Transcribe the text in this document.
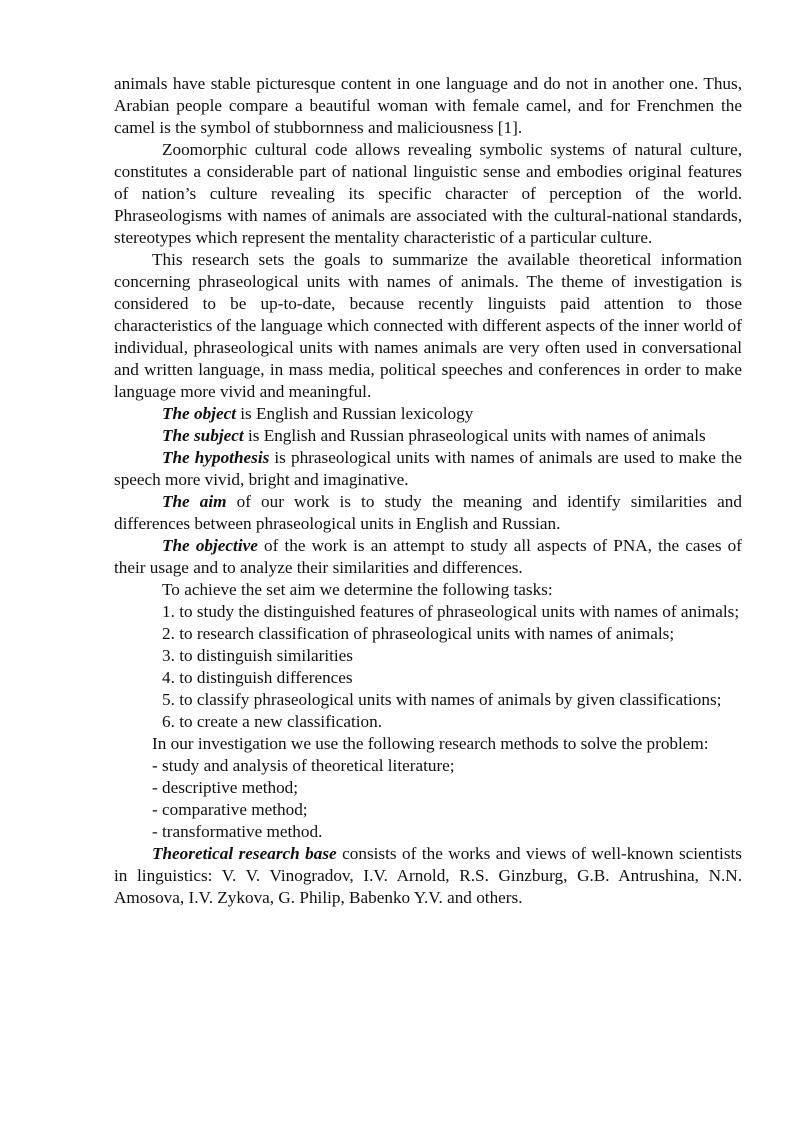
animals have stable picturesque content in one language and do not in another one. Thus, Arabian people compare a beautiful woman with female camel, and for Frenchmen the camel is the symbol of stubbornness and maliciousness [1].

Zoomorphic cultural code allows revealing symbolic systems of natural culture, constitutes a considerable part of national linguistic sense and embodies original features of nation’s culture revealing its specific character of perception of the world. Phraseologisms with names of animals are associated with the cultural-national standards, stereotypes which represent the mentality characteristic of a particular culture.

This research sets the goals to summarize the available theoretical information concerning phraseological units with names of animals. The theme of investigation is considered to be up-to-date, because recently linguists paid attention to those characteristics of the language which connected with different aspects of the inner world of individual, phraseological units with names animals are very often used in conversational and written language, in mass media, political speeches and conferences in order to make language more vivid and meaningful.

The object is English and Russian lexicology

The subject is English and Russian phraseological units with names of animals

The hypothesis is phraseological units with names of animals are used to make the speech more vivid, bright and imaginative.

The aim of our work is to study the meaning and identify similarities and differences between phraseological units in English and Russian.

The objective of the work is an attempt to study all aspects of PNA, the cases of their usage and to analyze their similarities and differences.

To achieve the set aim we determine the following tasks:

1. to study the distinguished features of phraseological units with names of animals;

2. to research classification of phraseological units with names of animals;

3. to distinguish similarities

4. to distinguish differences

5. to classify phraseological units with names of animals by given classifications;

6. to create a new classification.

In our investigation we use the following research methods to solve the problem:

- study and analysis of theoretical literature;

- descriptive method;

- comparative method;

- transformative method.

Theoretical research base consists of the works and views of well-known scientists in linguistics: V. V. Vinogradov, I.V. Arnold, R.S. Ginzburg, G.B. Antrushina, N.N. Amosova, I.V. Zykova, G. Philip, Babenko Y.V. and others.
